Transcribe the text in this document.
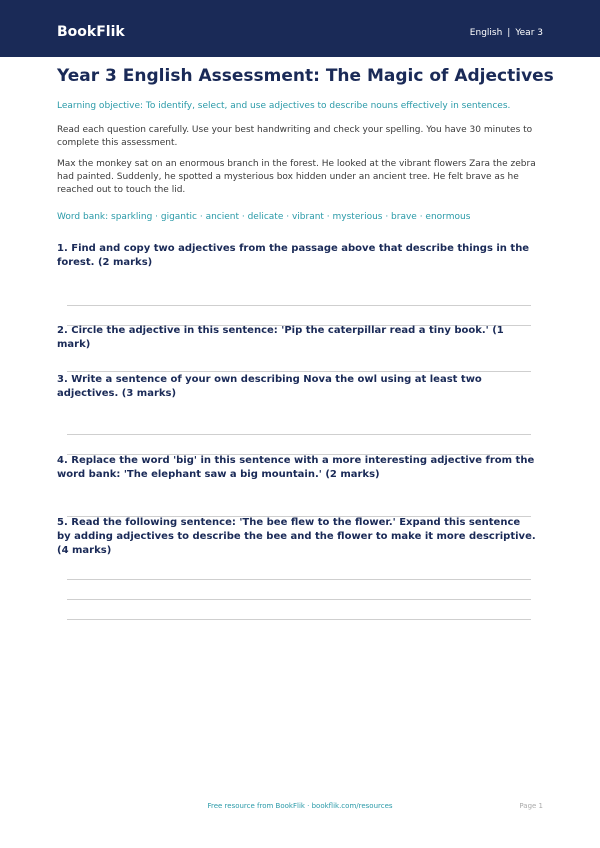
BookFlik	English | Year 3
Year 3 English Assessment: The Magic of Adjectives
Learning objective: To identify, select, and use adjectives to describe nouns effectively in sentences.
Read each question carefully. Use your best handwriting and check your spelling. You have 30 minutes to complete this assessment.
Max the monkey sat on an enormous branch in the forest. He looked at the vibrant flowers Zara the zebra had painted. Suddenly, he spotted a mysterious box hidden under an ancient tree. He felt brave as he reached out to touch the lid.
Word bank: sparkling · gigantic · ancient · delicate · vibrant · mysterious · brave · enormous
1. Find and copy two adjectives from the passage above that describe things in the forest. (2 marks)
2. Circle the adjective in this sentence: 'Pip the caterpillar read a tiny book.' (1 mark)
3. Write a sentence of your own describing Nova the owl using at least two adjectives. (3 marks)
4. Replace the word 'big' in this sentence with a more interesting adjective from the word bank: 'The elephant saw a big mountain.' (2 marks)
5. Read the following sentence: 'The bee flew to the flower.' Expand this sentence by adding adjectives to describe the bee and the flower to make it more descriptive. (4 marks)
Free resource from BookFlik · bookflik.com/resources	Page 1
